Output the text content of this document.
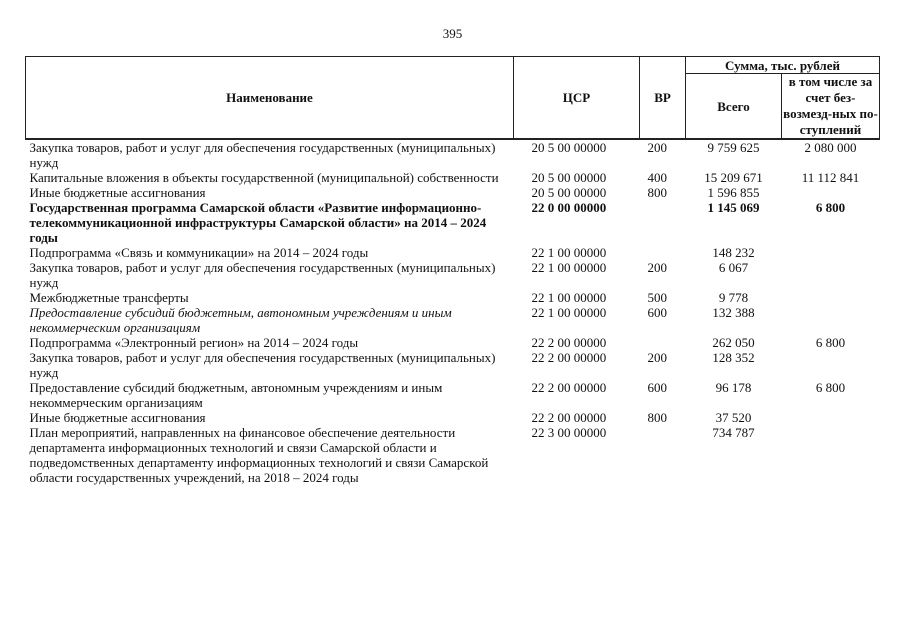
395
Наименование	ЦСР	ВР	Сумма, тыс. рублей	
			Всего	в том числе за счет без-возмезд-ных по-ступлений
Закупка товаров, работ и услуг для обеспечения государственных (муниципальных) нужд	20 5 00 00000	200	9 759 625	2 080 000
Капитальные вложения в объекты государственной (муниципальной) собственности	20 5 00 00000	400	15 209 671	11 112 841
Иные бюджетные ассигнования	20 5 00 00000	800	1 596 855	
Государственная программа Самарской области «Развитие информационно-телекоммуникационной инфраструктуры Самарской области» на 2014 – 2024 годы	22 0 00 00000		1 145 069	6 800
Подпрограмма «Связь и коммуникации» на 2014 – 2024 годы	22 1 00 00000		148 232	
Закупка товаров, работ и услуг для обеспечения государственных (муниципальных) нужд	22 1 00 00000	200	6 067	
Межбюджетные трансферты	22 1 00 00000	500	9 778	
Предоставление субсидий бюджетным, автономным учреждениям и иным некоммерческим организациям	22 1 00 00000	600	132 388	
Подпрограмма «Электронный регион» на 2014 – 2024 годы	22 2 00 00000		262 050	6 800
Закупка товаров, работ и услуг для обеспечения государственных (муниципальных) нужд	22 2 00 00000	200	128 352	
Предоставление субсидий бюджетным, автономным учреждениям и иным некоммерческим организациям	22 2 00 00000	600	96 178	6 800
Иные бюджетные ассигнования	22 2 00 00000	800	37 520	
План мероприятий, направленных на финансовое обеспечение деятельности департамента информационных технологий и связи Самарской области и подведомственных департаменту информационных технологий и связи Самарской области государственных учреждений, на 2018 – 2024 годы	22 3 00 00000		734 787	
